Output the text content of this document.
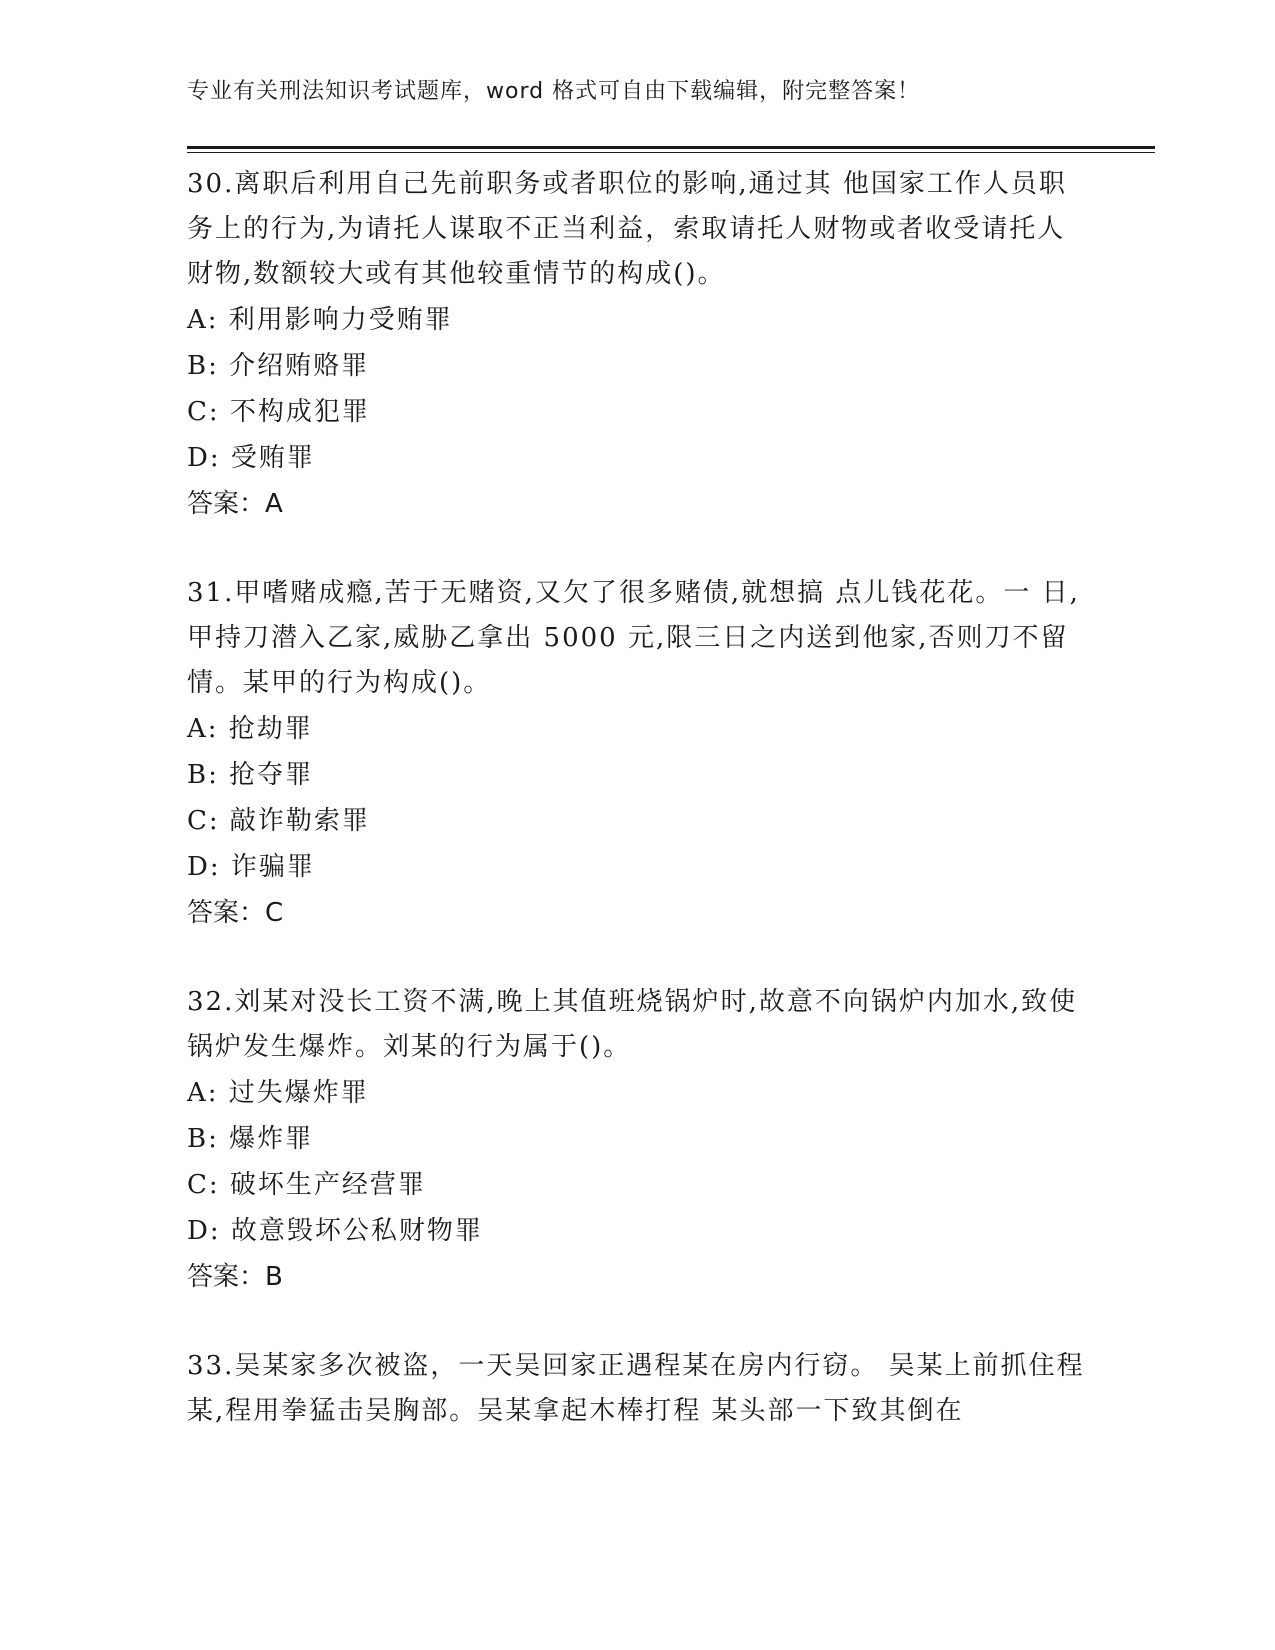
专业有关刑法知识考试题库，word 格式可自由下载编辑，附完整答案！

30.离职后利用自己先前职务或者职位的影响,通过其 他国家工作人员职务上的行为,为请托人谋取不正当利益，索取请托人财物或者收受请托人财物,数额较大或有其他较重情节的构成()。

A: 利用影响力受贿罪

B: 介绍贿赂罪

C: 不构成犯罪

D: 受贿罪

答案：A

31.甲嗜赌成瘾,苦于无赌资,又欠了很多赌债,就想搞 点儿钱花花。一 日,甲持刀潜入乙家,威胁乙拿出 5000 元,限三日之内送到他家,否则刀不留情。某甲的行为构成()。

A: 抢劫罪

B: 抢夺罪

C: 敲诈勒索罪

D: 诈骗罪

答案：C

32.刘某对没长工资不满,晚上其值班烧锅炉时,故意不向锅炉内加水,致使锅炉发生爆炸。刘某的行为属于()。

A: 过失爆炸罪

B: 爆炸罪

C: 破坏生产经营罪

D: 故意毁坏公私财物罪

答案：B

33.吴某家多次被盗，一天吴回家正遇程某在房内行窃。 吴某上前抓住程某,程用拳猛击吴胸部。吴某拿起木棒打程 某头部一下致其倒在
